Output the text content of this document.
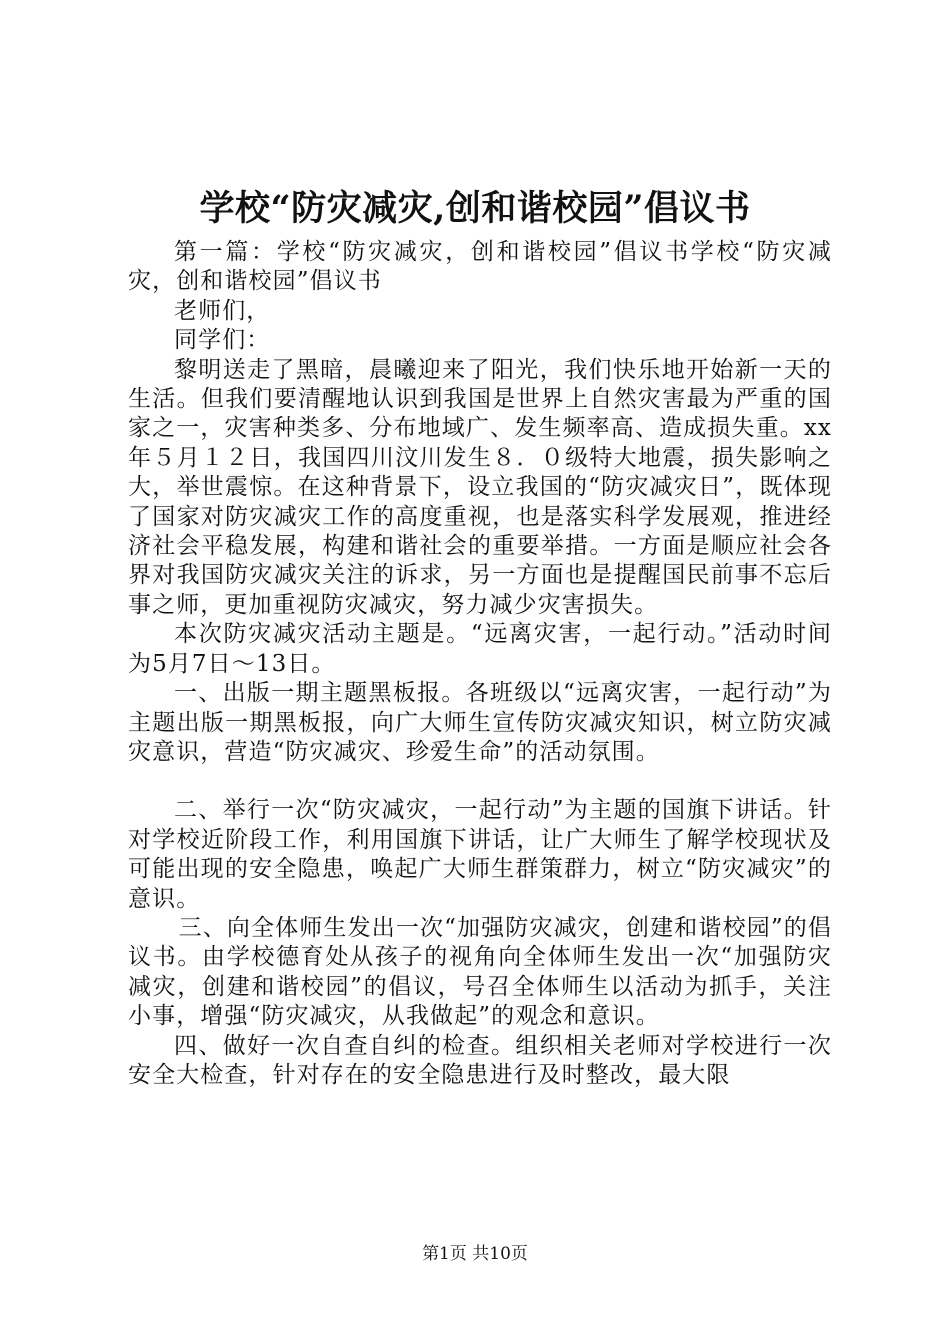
学校“防灾减灾,创和谐校园”倡议书

第一篇：学校“防灾减灾，创和谐校园”倡议书学校“防灾减灾，创和谐校园”倡议书

老师们，

同学们：

黎明送走了黑暗，晨曦迎来了阳光，我们快乐地开始新一天的生活。但我们要清醒地认识到我国是世界上自然灾害最为严重的国家之一，灾害种类多、分布地域广、发生频率高、造成损失重。xx年５月１２日，我国四川汶川发生８．０级特大地震，损失影响之大，举世震惊。在这种背景下，设立我国的“防灾减灾日”，既体现了国家对防灾减灾工作的高度重视，也是落实科学发展观，推进经济社会平稳发展，构建和谐社会的重要举措。一方面是顺应社会各界对我国防灾减灾关注的诉求，另一方面也是提醒国民前事不忘后事之师，更加重视防灾减灾，努力减少灾害损失。

本次防灾减灾活动主题是。“远离灾害，一起行动。”活动时间为5月7日～13日。

一、出版一期主题黑板报。各班级以“远离灾害，一起行动”为主题出版一期黑板报，向广大师生宣传防灾减灾知识，树立防灾减灾意识，营造“防灾减灾、珍爱生命”的活动氛围。

二、举行一次“防灾减灾，一起行动”为主题的国旗下讲话。针对学校近阶段工作，利用国旗下讲话，让广大师生了解学校现状及可能出现的安全隐患，唤起广大师生群策群力，树立“防灾减灾”的意识。

三、向全体师生发出一次“加强防灾减灾，创建和谐校园”的倡议书。由学校德育处从孩子的视角向全体师生发出一次“加强防灾减灾，创建和谐校园”的倡议，号召全体师生以活动为抓手，关注小事，增强“防灾减灾，从我做起”的观念和意识。

四、做好一次自查自纠的检查。组织相关老师对学校进行一次安全大检查，针对存在的安全隐患进行及时整改，最大限

第1页 共10页
